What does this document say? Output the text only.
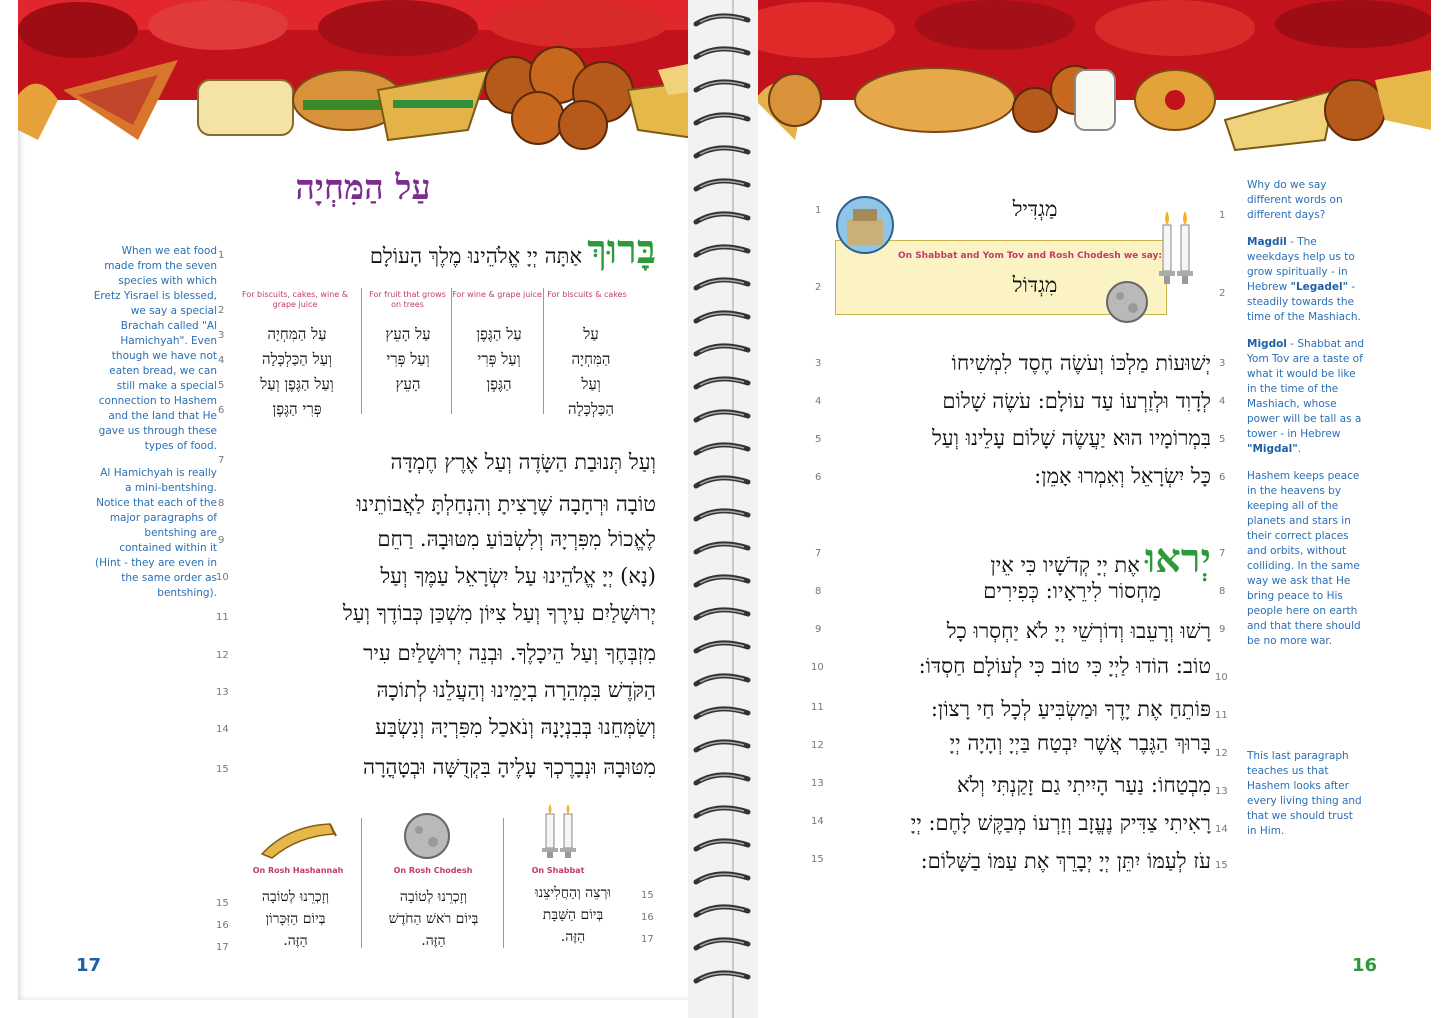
עַל הַמִּחְיָה

When we eat food made from the seven species with which Eretz Yisrael is blessed, we say a special Brachah called "Al Hamichyah". Even though we have not eaten bread, we can still make a special connection to Hashem and the land that He gave us through these types of food.

Al Hamichyah is really a mini-bentshing. Notice that each of the major paragraphs of bentshing are contained within it (Hint - they are even in the same order as bentshing).

בָּרוּךְ אַתָּה יְיָ אֱלֹהֵינוּ מֶלֶךְ הָעוֹלָם
For biscuits & cakes
For wine & grape juice
For fruit that grows on trees
For biscuits, cakes, wine & grape juice
עַל
הַמִּחְיָה
וְעַל
הַכַּלְכָּלָה
עַל הַגֶּפֶן
וְעַל פְּרִי
הַגֶּפֶן
עַל הָעֵץ
וְעַל פְּרִי
הָעֵץ
עַל הַמִּחְיָה
וְעַל הַכַּלְכָּלָה
וְעַל הַגֶּפֶן וְעַל
פְּרִי הַגֶּפֶן
וְעַל תְּנוּבַת הַשָּׂדֶה וְעַל אֶרֶץ חֶמְדָּה
טוֹבָה וּרְחָבָה שֶׁרָצִיתָ וְהִנְחַלְתָּ לַאֲבוֹתֵינוּ
לֶאֱכוֹל מִפִּרְיָהּ וְלִשְׂבּוֹעַ מִטּוּבָהּ. רַחֵם
(נָא) יְיָ אֱלֹהֵינוּ עַל יִשְׂרָאֵל עַמֶּךָ וְעַל
יְרוּשָׁלַיִם עִירֶךָ וְעַל צִיּוֹן מִשְׁכַּן כְּבוֹדֶךָ וְעַל
מִזְבְּחֶךָ וְעַל הֵיכָלֶךָ. וּבְנֵה יְרוּשָׁלַיִם עִיר
הַקֹּדֶשׁ בִּמְהֵרָה בְיָמֵינוּ וְהַעֲלֵנוּ לְתוֹכָהּ
וְשַׂמְּחֵנוּ בְּבִנְיָנָהּ וְנֹאכַל מִפִּרְיָהּ וְנִשְׂבַּע
מִטּוּבָהּ וּנְבָרֶכְךָ עָלֶיהָ בִּקְדֻשָּׁה וּבְטָהֳרָה
1
2
3
4
5
6
7
8
9
10
11
12
13
14
15
15
16
17
15
16
17
On Rosh Hashannah	On Rosh Chodesh	On Shabbat
וְזָכְרֵנוּ לְטוֹבָה
בְּיוֹם הַזִּכָּרוֹן
הַזֶּה.
וְזָכְרֵנוּ לְטוֹבָה
בְּיוֹם רֹאשׁ הַחֹדֶשׁ
הַזֶּה.
וּרְצֵה וְהַחֲלִיצֵנוּ
בְּיוֹם הַשַּׁבָּת
הַזֶּה.
17
מַגְדִּיל
On Shabbat and Yom Tov and Rosh Chodesh we say:
מִגְדּוֹל
יְשׁוּעוֹת מַלְכּוֹ וְעֹשֶׂה חֶסֶד לִמְשִׁיחוֹ
לְדָוִד וּלְזַרְעוֹ עַד עוֹלָם: עֹשֶׂה שָׁלוֹם
בִּמְרוֹמָיו הוּא יַעֲשֶׂה שָׁלוֹם עָלֵינוּ וְעַל
כָּל יִשְׂרָאֵל וְאִמְרוּ אָמֵן:
יְראוּ אֶת יְיָ קְדֹשָׁיו כִּי אֵין
מַחְסוֹר לִירֵאָיו: כְּפִירִים
רָשׁוּ וְרָעֵבוּ וְדוֹרְשֵׁי יְיָ לֹא יַחְסְרוּ כָל
טוֹב: הוֹדוּ לַיְיָ כִּי טוֹב כִּי לְעוֹלָם חַסְדּוֹ:
פּוֹתֵחַ אֶת יָדֶךָ וּמַשְׂבִּיעַ לְכָל חַי רָצוֹן:
בָּרוּךְ הַגֶּבֶר אֲשֶׁר יִבְטַח בַּיְיָ וְהָיָה יְיָ
מִבְטַחוֹ: נַעַר הָיִיתִי גַם זָקַנְתִּי וְלֹא
רָאִיתִי צַדִּיק נֶעֱזָב וְזַרְעוֹ מְבַקֶּשׁ לָחֶם: יְיָ
עֹז לְעַמּוֹ יִתֵּן יְיָ יְבָרֵךְ אֶת עַמּוֹ בַשָּׁלוֹם:
1
2
3
4
5
6
7
8
9
10
11
12
13
14
15
1
2
3
4
5
6
7
8
9
10
11
12
13
14
15

Why do we say different words on different days?

Magdil - The weekdays help us to grow spiritually - in Hebrew "Legadel" - steadily towards the time of the Mashiach.

Migdol - Shabbat and Yom Tov are a taste of what it would be like in the time of the Mashiach, whose power will be tall as a tower - in Hebrew "Migdal".

Hashem keeps peace in the heavens by keeping all of the planets and stars in their correct places and orbits, without colliding. In the same way we ask that He bring peace to His people here on earth and that there should be no more war.

This last paragraph teaches us that Hashem looks after every living thing and that we should trust in Him.

16
